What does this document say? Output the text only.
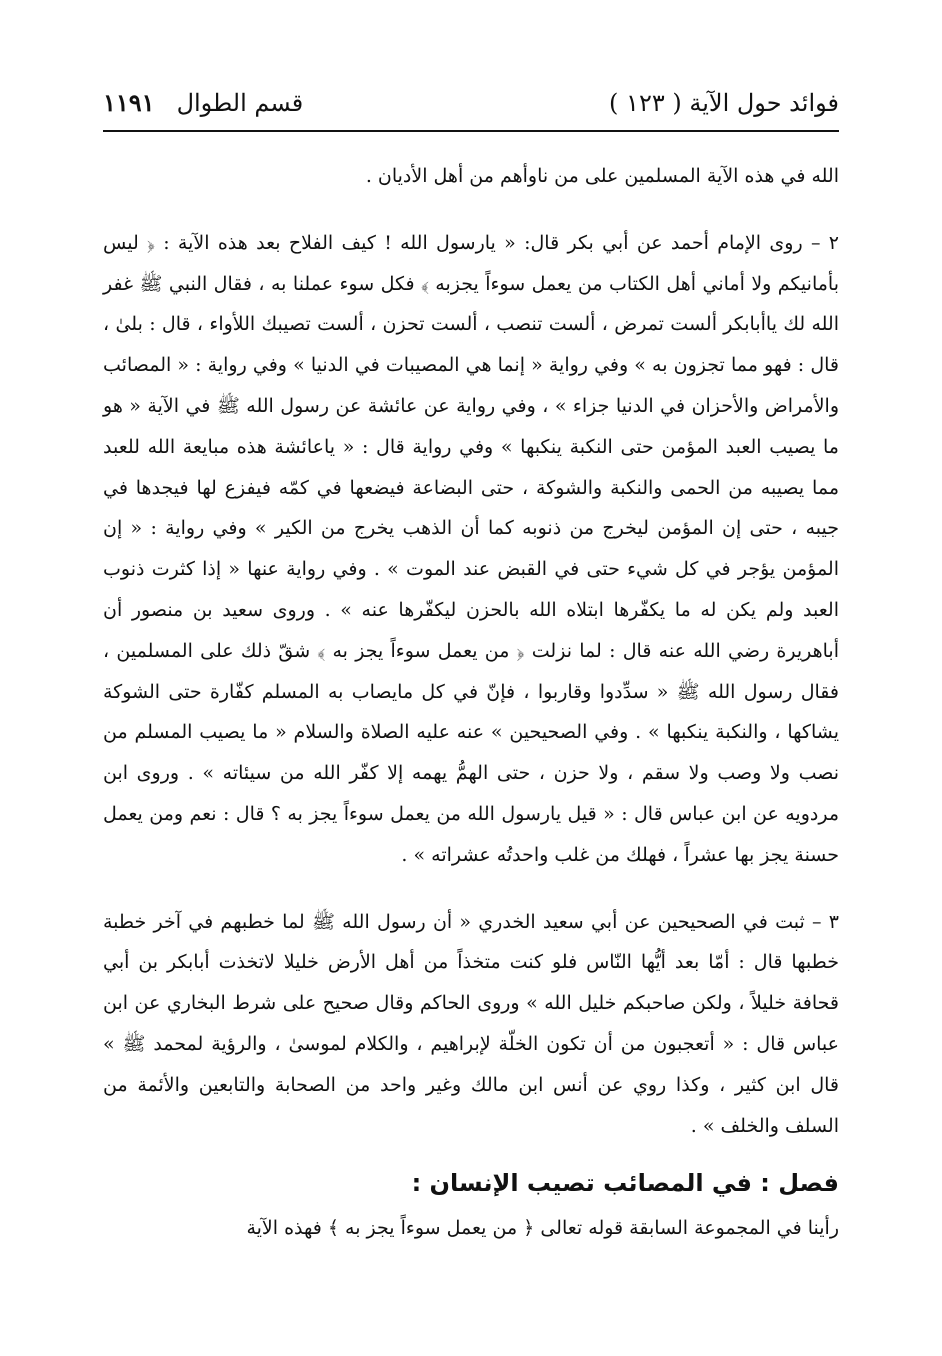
فوائد حول الآية ( ١٢٣ )
قسم الطوال
١١٩١

الله في هذه الآية المسلمين على من ناوأهم من أهل الأديان .

٢ – روى الإمام أحمد عن أبي بكر قال: « يارسول الله ! كيف الفلاح بعد هذه الآية : ﴿ ليس بأمانيكم ولا أماني أهل الكتاب من يعمل سوءاً يجزبه ﴾ فكل سوء عملنا به ، فقال النبي ﷺ غفر الله لك ياأبابكر ألست تمرض ، ألست تنصب ، ألست تحزن ، ألست تصيبك اللأواء ، قال : بلىٰ ، قال : فهو مما تجزون به » وفي رواية « إنما هي المصيبات في الدنيا » وفي رواية : « المصائب والأمراض والأحزان في الدنيا جزاء » ، وفي رواية عن عائشة عن رسول الله ﷺ في الآية « هو ما يصيب العبد المؤمن حتى النكبة ينكبها » وفي رواية قال : « ياعائشة هذه مبايعة الله للعبد مما يصيبه من الحمى والنكبة والشوكة ، حتى البضاعة فيضعها في كمّه فيفزع لها فيجدها في جيبه ، حتى إن المؤمن ليخرج من ذنوبه كما أن الذهب يخرج من الكير » وفي رواية : « إن المؤمن يؤجر في كل شيء حتى في القبض عند الموت » . وفي رواية عنها « إذا كثرت ذنوب العبد ولم يكن له ما يكفّرها ابتلاه الله بالحزن ليكفّرها عنه » . وروى سعيد بن منصور أن أباهريرة رضي الله عنه قال : لما نزلت ﴿ من يعمل سوءاً يجز به ﴾ شقّ ذلك على المسلمين ، فقال رسول الله ﷺ « سدِّدوا وقاربوا ، فإنّ في كل مايصاب به المسلم كفّارة حتى الشوكة يشاكها ، والنكبة ينكبها » . وفي الصحيحين » عنه عليه الصلاة والسلام « ما يصيب المسلم من نصب ولا وصب ولا سقم ، ولا حزن ، حتى الهمُّ يهمه إلا كفّر الله من سيئاته » . وروى ابن مردويه عن ابن عباس قال : « قيل يارسول الله من يعمل سوءاً يجز به ؟ قال : نعم ومن يعمل حسنة يجز بها عشراً ، فهلك من غلب واحدتُه عشراته » .

٣ – ثبت في الصحيحين عن أبي سعيد الخدري « أن رسول الله ﷺ لما خطبهم في آخر خطبة خطبها قال : أمّا بعد أيُّها النّاس فلو كنت متخذاً من أهل الأرض خليلا لاتخذت أبابكر بن أبي قحافة خليلاً ، ولكن صاحبكم خليل الله » وروى الحاكم وقال صحيح على شرط البخاري عن ابن عباس قال : « أتعجبون من أن تكون الخلّة لإبراهيم ، والكلام لموسىٰ ، والرؤية لمحمد ﷺ » قال ابن كثير ، وكذا روي عن أنس ابن مالك وغير واحد من الصحابة والتابعين والأئمة من السلف والخلف » .

فصل : في المصائب تصيب الإنسان :

رأينا في المجموعة السابقة قوله تعالى ﴿ من يعمل سوءاً يجز به ﴾ فهذه الآية
